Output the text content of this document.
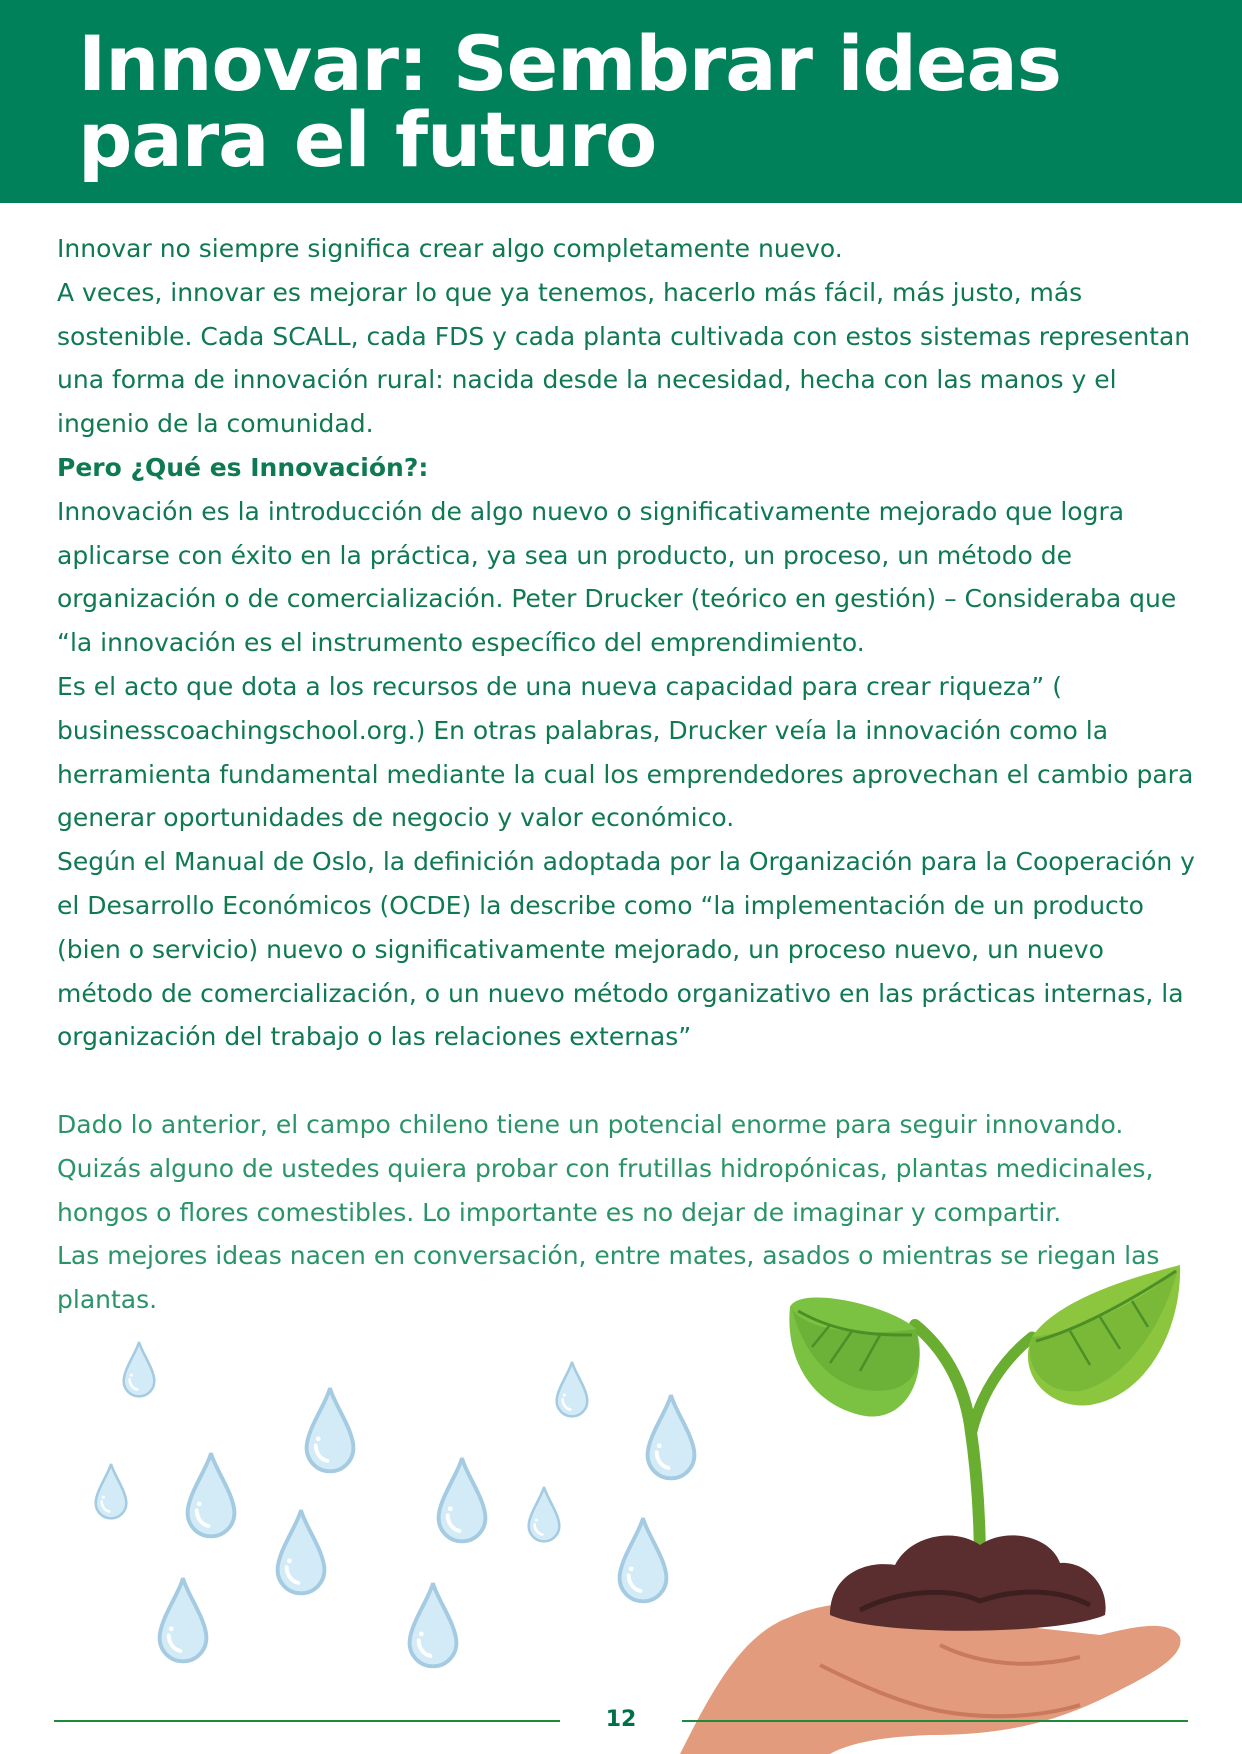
Innovar: Sembrar ideas para el futuro

Innovar no siempre significa crear algo completamente nuevo.

A veces, innovar es mejorar lo que ya tenemos, hacerlo más fácil, más justo, más sostenible. Cada SCALL, cada FDS y cada planta cultivada con estos sistemas representan una forma de innovación rural: nacida desde la necesidad, hecha con las manos y el ingenio de la comunidad.

Pero ¿Qué es Innovación?:

Innovación es la introducción de algo nuevo o significativamente mejorado que logra aplicarse con éxito en la práctica, ya sea un producto, un proceso, un método de organización o de comercialización. Peter Drucker (teórico en gestión) – Consideraba que “la innovación es el instrumento específico del emprendimiento.

Es el acto que dota a los recursos de una nueva capacidad para crear riqueza” ( businesscoachingschool.org.) En otras palabras, Drucker veía la innovación como la herramienta fundamental mediante la cual los emprendedores aprovechan el cambio para generar oportunidades de negocio y valor económico.

Según el Manual de Oslo, la definición adoptada por la Organización para la Cooperación y el Desarrollo Económicos (OCDE) la describe como “la implementación de un producto (bien o servicio) nuevo o significativamente mejorado, un proceso nuevo, un nuevo método de comercialización, o un nuevo método organizativo en las prácticas internas, la organización del trabajo o las relaciones externas”

Dado lo anterior, el campo chileno tiene un potencial enorme para seguir innovando.

Quizás alguno de ustedes quiera probar con frutillas hidropónicas, plantas medicinales, hongos o flores comestibles. Lo importante es no dejar de imaginar y compartir.

Las mejores ideas nacen en conversación, entre mates, asados o mientras se riegan las plantas.

12
